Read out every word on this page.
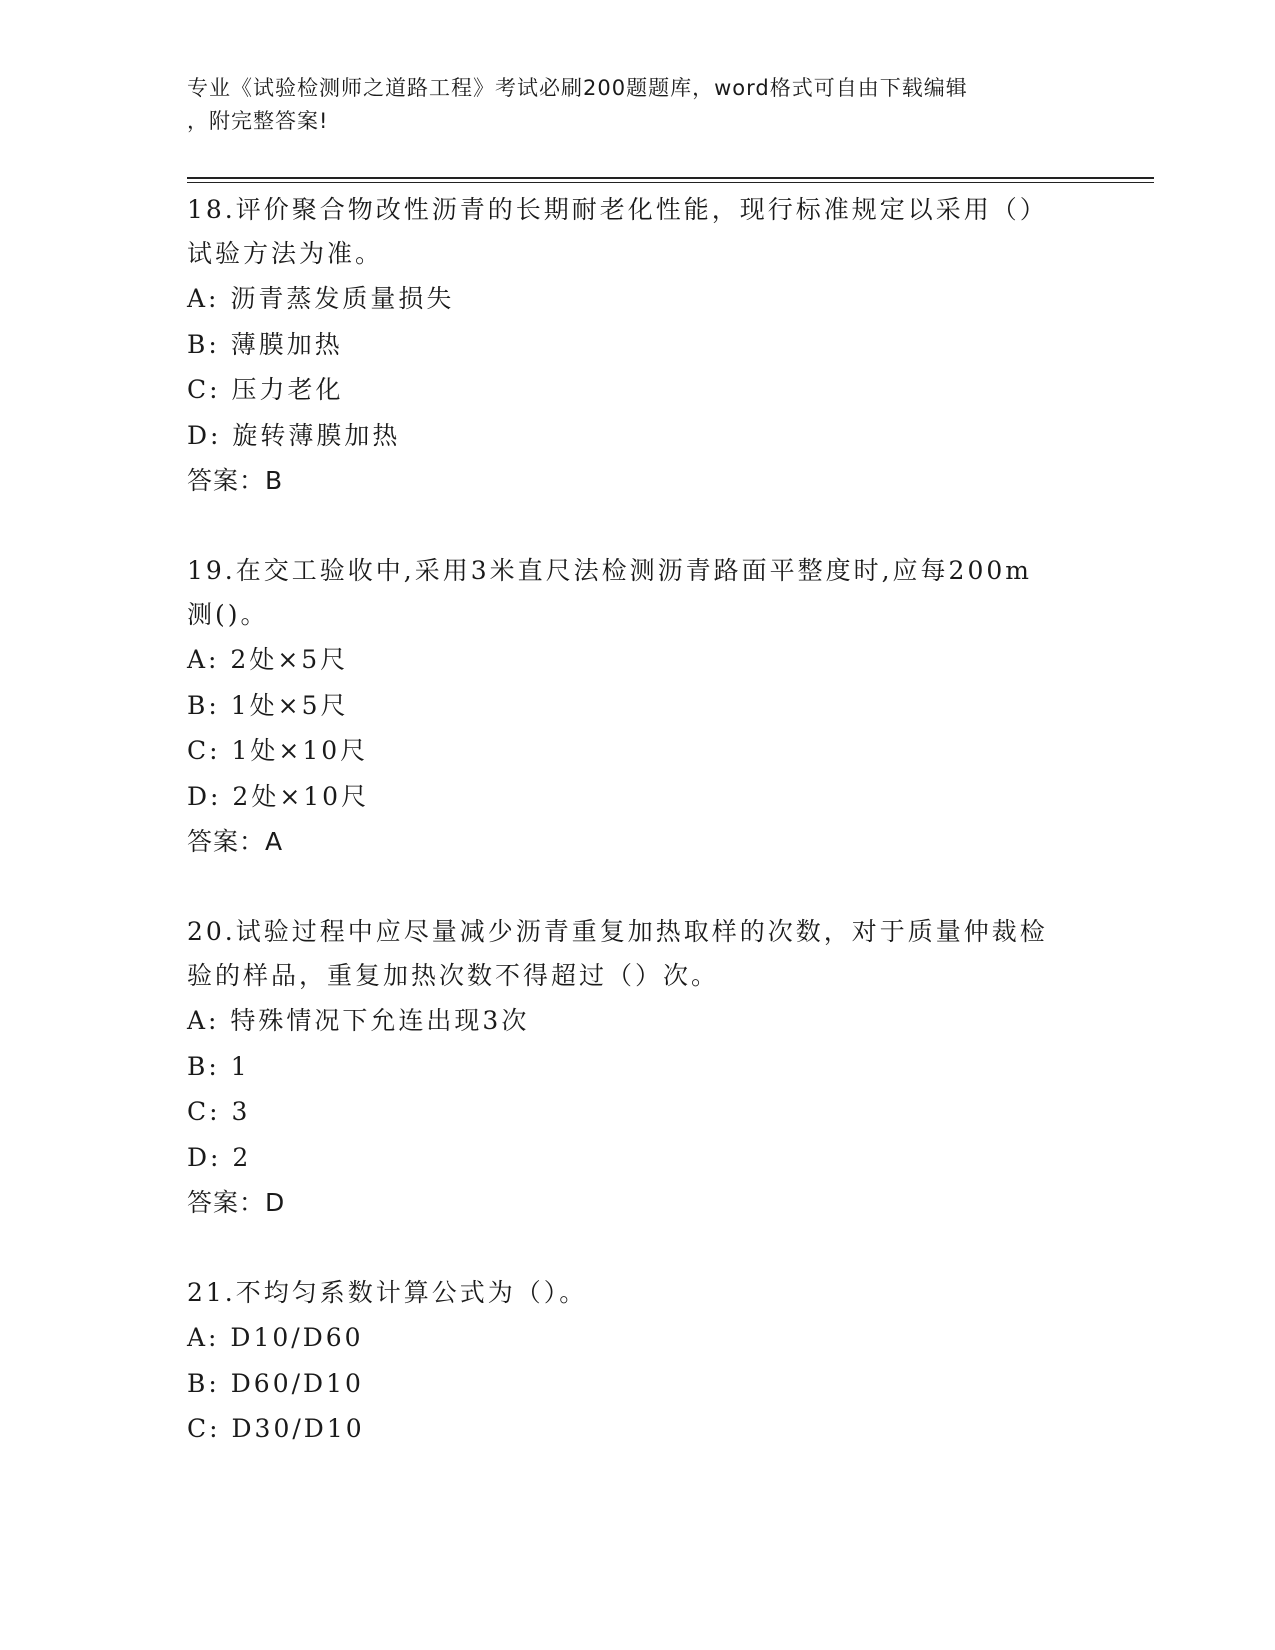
专业《试验检测师之道路工程》考试必刷200题题库，word格式可自由下载编辑
，附完整答案!
18.评价聚合物改性沥青的长期耐老化性能，现行标准规定以采用（）
试验方法为准。
A: 沥青蒸发质量损失
B: 薄膜加热
C: 压力老化
D: 旋转薄膜加热
答案：B
19.在交工验收中,采用3米直尺法检测沥青路面平整度时,应每200m
测()。
A: 2处×5尺
B: 1处×5尺
C: 1处×10尺
D: 2处×10尺
答案：A
20.试验过程中应尽量减少沥青重复加热取样的次数，对于质量仲裁检
验的样品，重复加热次数不得超过（）次。
A: 特殊情况下允连出现3次
B: 1
C: 3
D: 2
答案：D
21.不均匀系数计算公式为（）。
A: D10/D60
B: D60/D10
C: D30/D10
